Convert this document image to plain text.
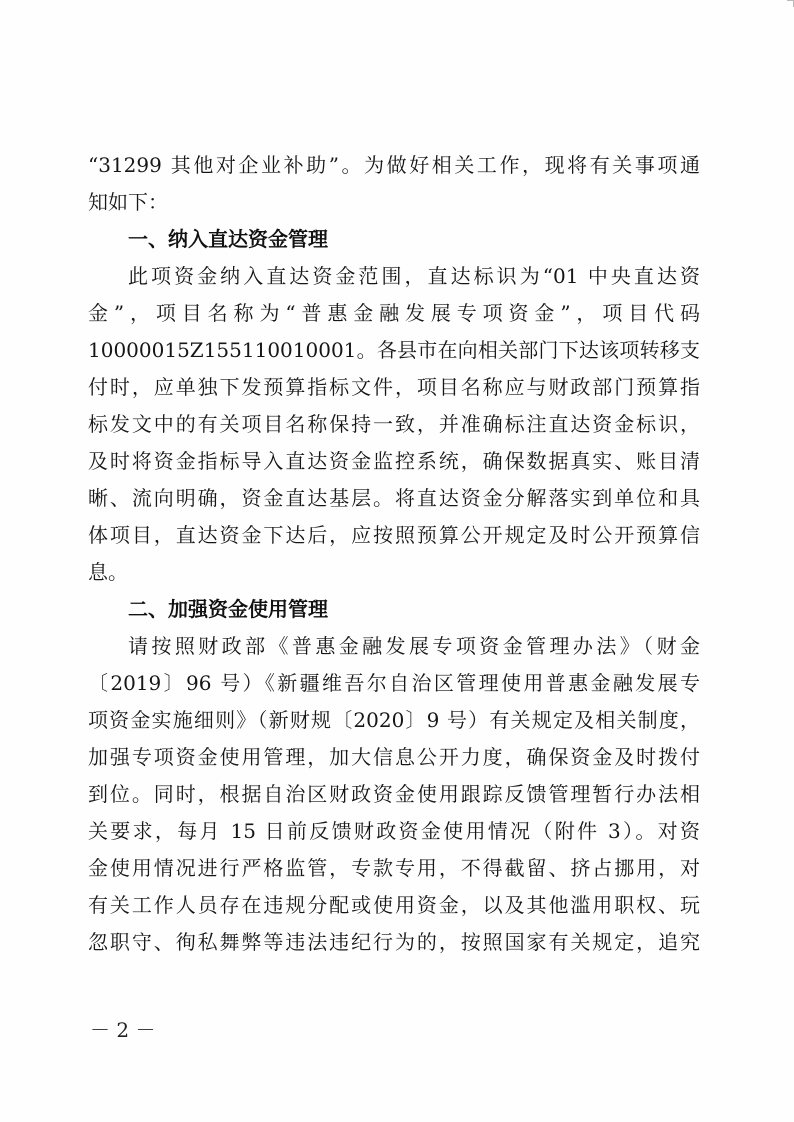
“31299 其他对企业补助”。为做好相关工作，现将有关事项通
知如下：
一、纳入直达资金管理
此项资金纳入直达资金范围，直达标识为“01 中央直达资
金”，项目名称为“普惠金融发展专项资金”，项目代码
10000015Z155110010001。各县市在向相关部门下达该项转移支
付时，应单独下发预算指标文件，项目名称应与财政部门预算指
标发文中的有关项目名称保持一致，并准确标注直达资金标识，
及时将资金指标导入直达资金监控系统，确保数据真实、账目清
晰、流向明确，资金直达基层。将直达资金分解落实到单位和具
体项目，直达资金下达后，应按照预算公开规定及时公开预算信
息。
二、加强资金使用管理
请按照财政部《普惠金融发展专项资金管理办法》（财金
〔2019〕96 号）《新疆维吾尔自治区管理使用普惠金融发展专
项资金实施细则》（新财规〔2020〕9 号）有关规定及相关制度，
加强专项资金使用管理，加大信息公开力度，确保资金及时拨付
到位。同时，根据自治区财政资金使用跟踪反馈管理暂行办法相
关要求，每月 15 日前反馈财政资金使用情况（附件 3）。对资
金使用情况进行严格监管，专款专用，不得截留、挤占挪用，对
有关工作人员存在违规分配或使用资金，以及其他滥用职权、玩
忽职守、徇私舞弊等违法违纪行为的，按照国家有关规定，追究
－ 2 －
